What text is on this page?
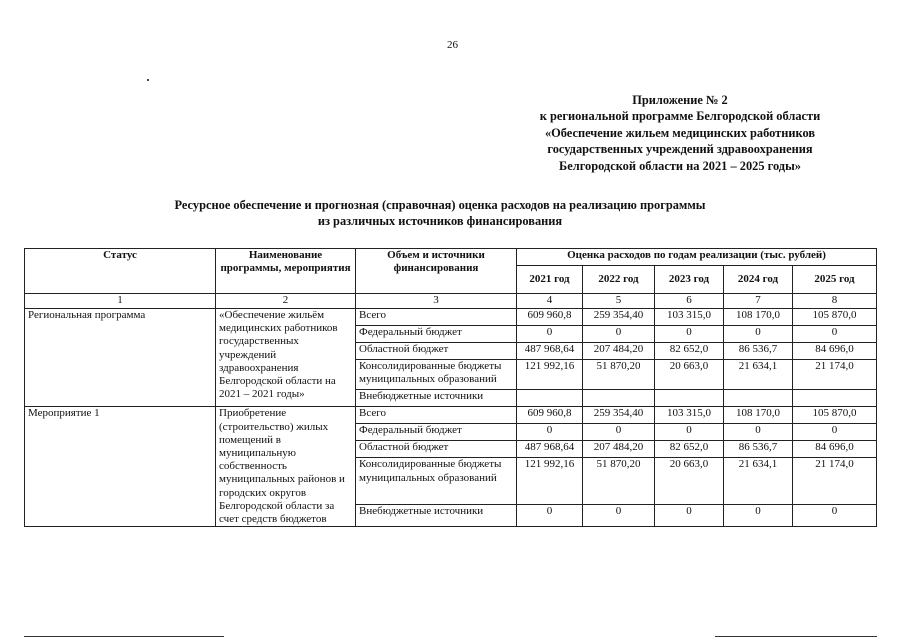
26
Приложение № 2
к региональной программе Белгородской области
«Обеспечение жильем медицинских работников
государственных учреждений здравоохранения
Белгородской области на 2021 – 2025 годы»
Ресурсное обеспечение и прогнозная (справочная) оценка расходов на реализацию программы
из различных источников финансирования
Статус	Наименование программы, мероприятия	Объем и источники финансирования	Оценка расходов по годам реализации (тыс. рублей)				
			2021 год	2022 год	2023 год	2024 год	2025 год
1	2	3	4	5	6	7	8
Региональная программа	«Обеспечение жильём медицинских работников государственных учреждений здравоохранения Белгородской области на 2021 – 2021 годы»	Всего	609 960,8	259 354,40	103 315,0	108 170,0	105 870,0
		Федеральный бюджет	0	0	0	0	0
		Областной бюджет	487 968,64	207 484,20	82 652,0	86 536,7	84 696,0
		Консолидированные бюджеты муниципальных образований	121 992,16	51 870,20	20 663,0	21 634,1	21 174,0
		Внебюджетные источники					
Мероприятие 1	Приобретение (строительство) жилых помещений в муниципальную собственность муниципальных районов и городских округов Белгородской области за счет средств бюджетов	Всего	609 960,8	259 354,40	103 315,0	108 170,0	105 870,0
		Федеральный бюджет	0	0	0	0	0
		Областной бюджет	487 968,64	207 484,20	82 652,0	86 536,7	84 696,0
		Консолидированные бюджеты муниципальных образований	121 992,16	51 870,20	20 663,0	21 634,1	21 174,0
		Внебюджетные источники	0	0	0	0	0
